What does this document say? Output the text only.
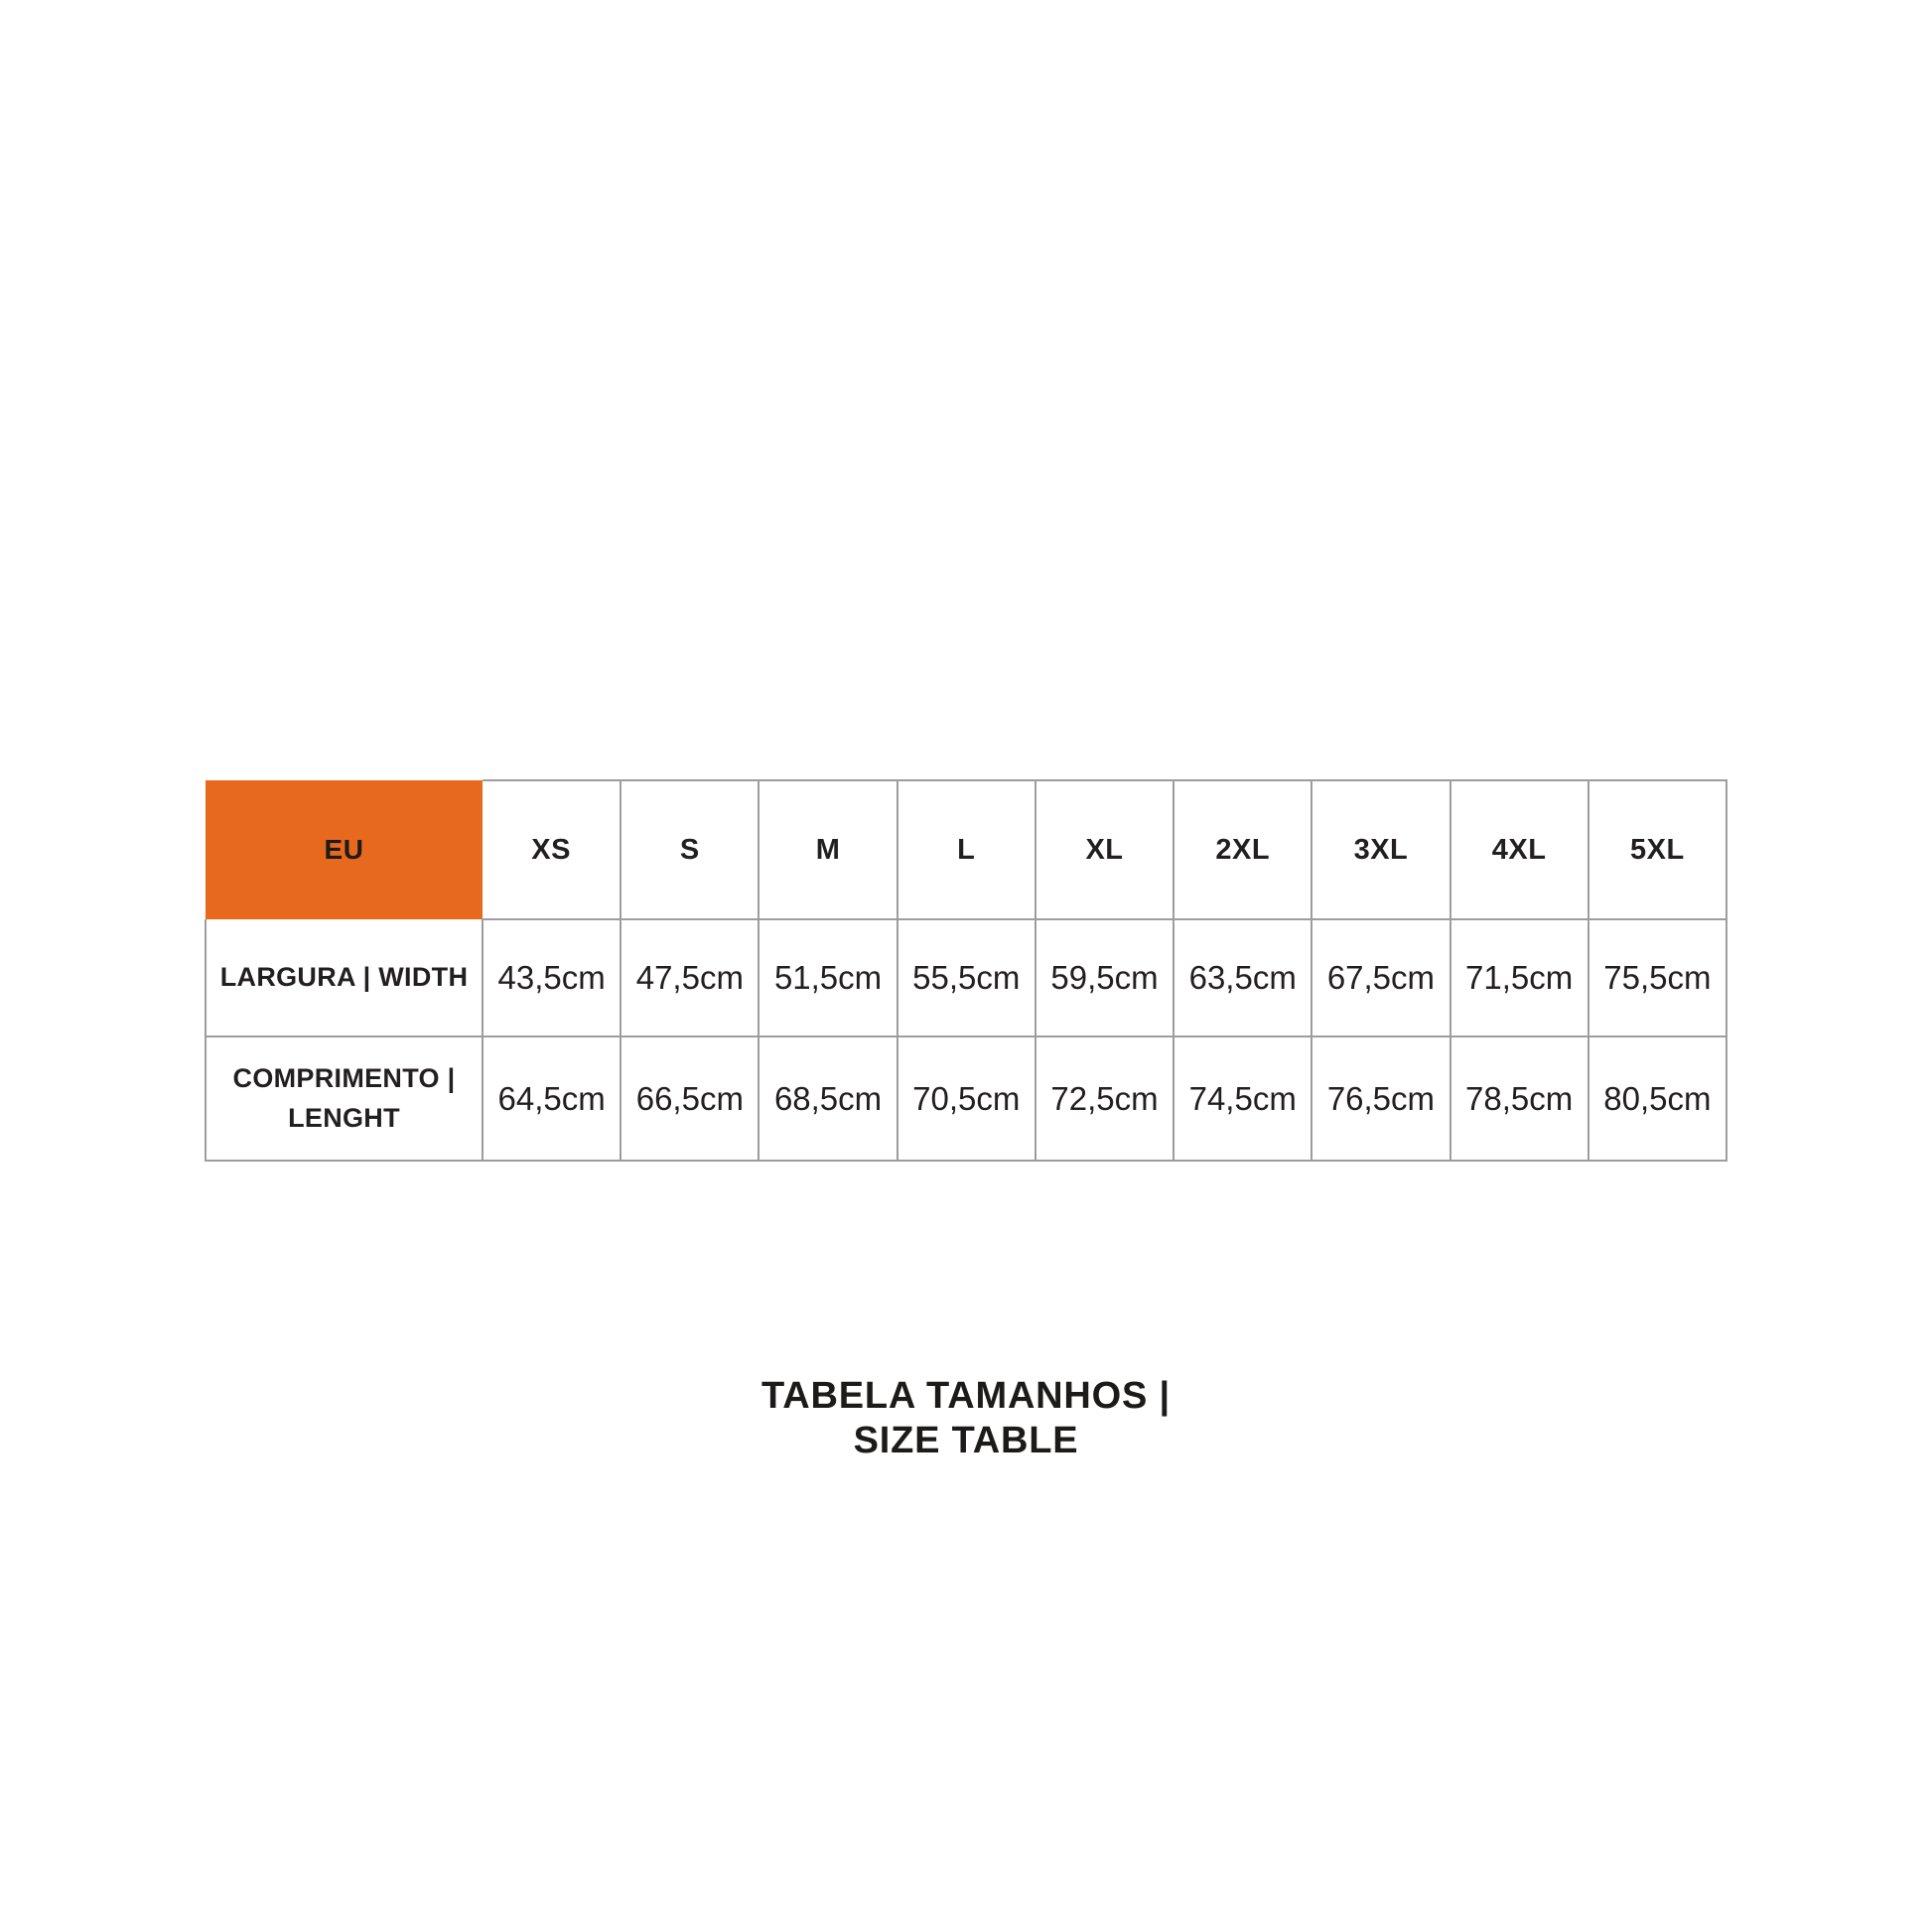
EU	XS	S	M	L	XL	2XL	3XL	4XL	5XL
LARGURA | WIDTH	43,5cm	47,5cm	51,5cm	55,5cm	59,5cm	63,5cm	67,5cm	71,5cm	75,5cm
COMPRIMENTO | LENGHT	64,5cm	66,5cm	68,5cm	70,5cm	72,5cm	74,5cm	76,5cm	78,5cm	80,5cm
TABELA TAMANHOS |
SIZE TABLE
